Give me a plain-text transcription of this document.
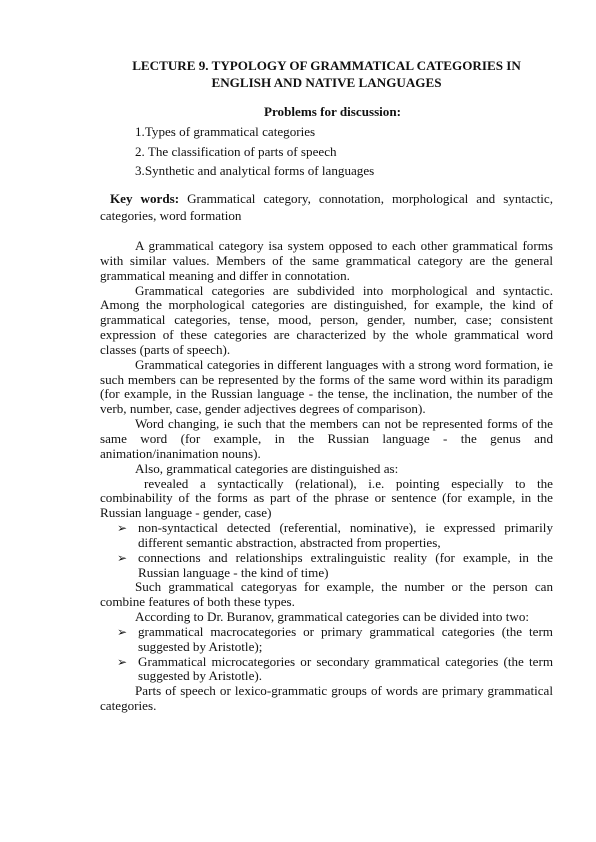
LECTURE 9. TYPOLOGY OF GRAMMATICAL CATEGORIES IN
ENGLISH AND NATIVE LANGUAGES
Problems for discussion:
1.Types of grammatical categories
2. The classification of parts of speech
3.Synthetic and analytical forms of languages
Key words: Grammatical category, connotation, morphological and syntactic, categories, word formation

A grammatical category isa system opposed to each other grammatical forms with similar values. Members of the same grammatical category are the general grammatical meaning and differ in connotation.

Grammatical categories are subdivided into morphological and syntactic. Among the morphological categories are distinguished, for example, the kind of grammatical categories, tense, mood, person, gender, number, case; consistent expression of these categories are characterized by the whole grammatical word classes (parts of speech).

Grammatical categories in different languages with a strong word formation, ie such members can be represented by the forms of the same word within its paradigm (for example, in the Russian language - the tense, the inclination, the number of the verb, number, case, gender adjectives degrees of comparison).

Word changing, ie such that the members can not be represented forms of the same word (for example, in the Russian language - the genus and animation/inanimation nouns).

Also, grammatical categories are distinguished as:

revealed a syntactically (relational), i.e. pointing especially to the combinability of the forms as part of the phrase or sentence (for example, in the Russian language - gender, case)

➢ non-syntactical detected (referential, nominative), ie expressed primarily different semantic abstraction, abstracted from properties,
➢ connections and relationships extralinguistic reality (for example, in the Russian language - the kind of time)

Such grammatical categoryas for example, the number or the person can combine features of both these types.

According to Dr. Buranov, grammatical categories can be divided into two:

➢ grammatical macrocategories or primary grammatical categories (the term suggested by Aristotle);
➢ Grammatical microcategories or secondary grammatical categories (the term suggested by Aristotle).

Parts of speech or lexico-grammatic groups of words are primary grammatical categories.
